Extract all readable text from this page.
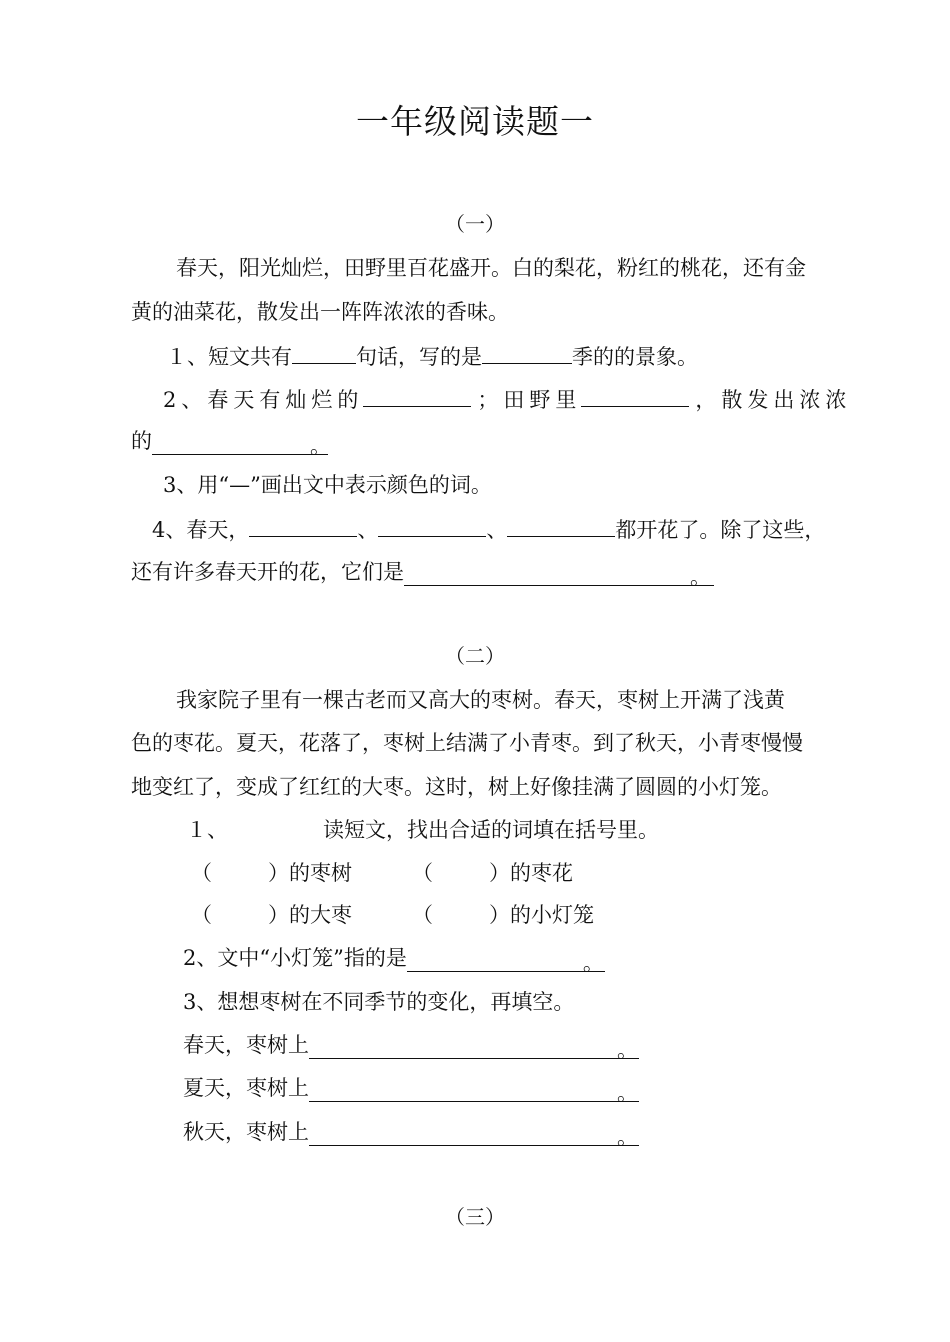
一年级阅读题一
（一）
春天，阳光灿烂，田野里百花盛开。白的梨花，粉红的桃花，还有金
黄的油菜花，散发出一阵阵浓浓的香味。
１、短文共有	句话，写的是	季的的景象。
2、春天有灿烂的	；田野里	，散发出浓浓
的	。
3、用“—”画出文中表示颜色的词。
4、春天，	、	、	都开花了。除了这些，
还有许多春天开的花，它们是	。
（二）
我家院子里有一棵古老而又高大的枣树。春天，枣树上开满了浅黄
色的枣花。夏天，花落了，枣树上结满了小青枣。到了秋天，小青枣慢慢
地变红了，变成了红红的大枣。这时，树上好像挂满了圆圆的小灯笼。
１、	读短文，找出合适的词填在括号里。
（	）的枣树	（	）的枣花
（	）的大枣	（	）的小灯笼
2、文中“小灯笼”指的是	。
3、想想枣树在不同季节的变化，再填空。
春天，枣树上	。
夏天，枣树上	。
秋天，枣树上	。
（三）
